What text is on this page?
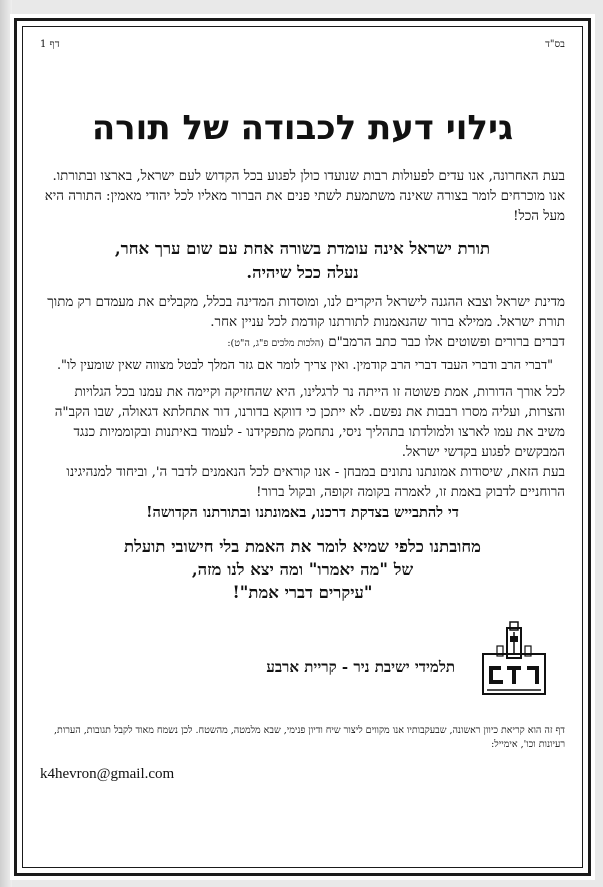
בס"ד
דף 1
גילוי דעת לכבודה של תורה

בעת האחרונה, אנו עדים לפעולות רבות שנועדו כולן לפגוע בכל הקדוש לעם ישראל, בארצו ובתורתו.

אנו מוכרחים לומר בצורה שאינה משתמעת לשתי פנים את הברור מאליו לכל יהודי מאמין: התורה היא מעל הכל!

תורת ישראל אינה עומדת בשורה אחת עם שום ערך אחר,
נעלה ככל שיהיה.

מדינת ישראל וצבא ההגנה לישראל היקרים לנו, ומוסדות המדינה בכלל, מקבלים את מעמדם רק מתוך תורת ישראל. ממילא ברור שהנאמנות לתורתנו קודמת לכל עניין אחר.

דברים ברורים ופשוטים אלו כבר כתב הרמב"ם (הלכות מלכים פ"ג, ה"ט):

"דברי הרב ודברי העבד דברי הרב קודמין. ואין צריך לומר אם גזר המלך לבטל מצווה שאין שומעין לו".

לכל אורך הדורות, אמת פשוטה זו הייתה נר לרגלינו, היא שהחזיקה וקיימה את עמנו בכל הגלויות והצרות, ועליה מסרו רבבות את נפשם. לא ייתכן כי דווקא בדורנו, דור אתחלתא דגאולה, שבו הקב"ה משיב את עמו לארצו ולמולדתו בתהליך ניסי, נתחמק מתפקידנו - לעמוד באיתנות ובקוממיות כנגד המבקשים לפגוע בקדשי ישראל.

בעת הזאת, שיסודות אמונתנו נתונים במבחן - אנו קוראים לכל הנאמנים לדבר ה', וביחוד למנהיגינו הרוחניים לדבוק באמת זו, לאמרה בקומה זקופה, ובקול ברור!

די להתבייש בצדקת דרכנו, באמונתנו ובתורתנו הקדושה!
מחובתנו כלפי שמיא לומר את האמת בלי חישובי תועלת
של "מה יאמרו" ומה יצא לנו מזה,
"עיקרים דברי אמת"!
תלמידי ישיבת ניר - קריית ארבע

דף זה הוא קריאת כיוון ראשונה, שבעקבותיו אנו מקווים ליצור שיח ודיון פנימי, שבא מלמטה, מהשטח. לכן נשמח מאוד לקבל תגובות, הערות, רעיונות וכו', אימייל:

k4hevron@gmail.com
